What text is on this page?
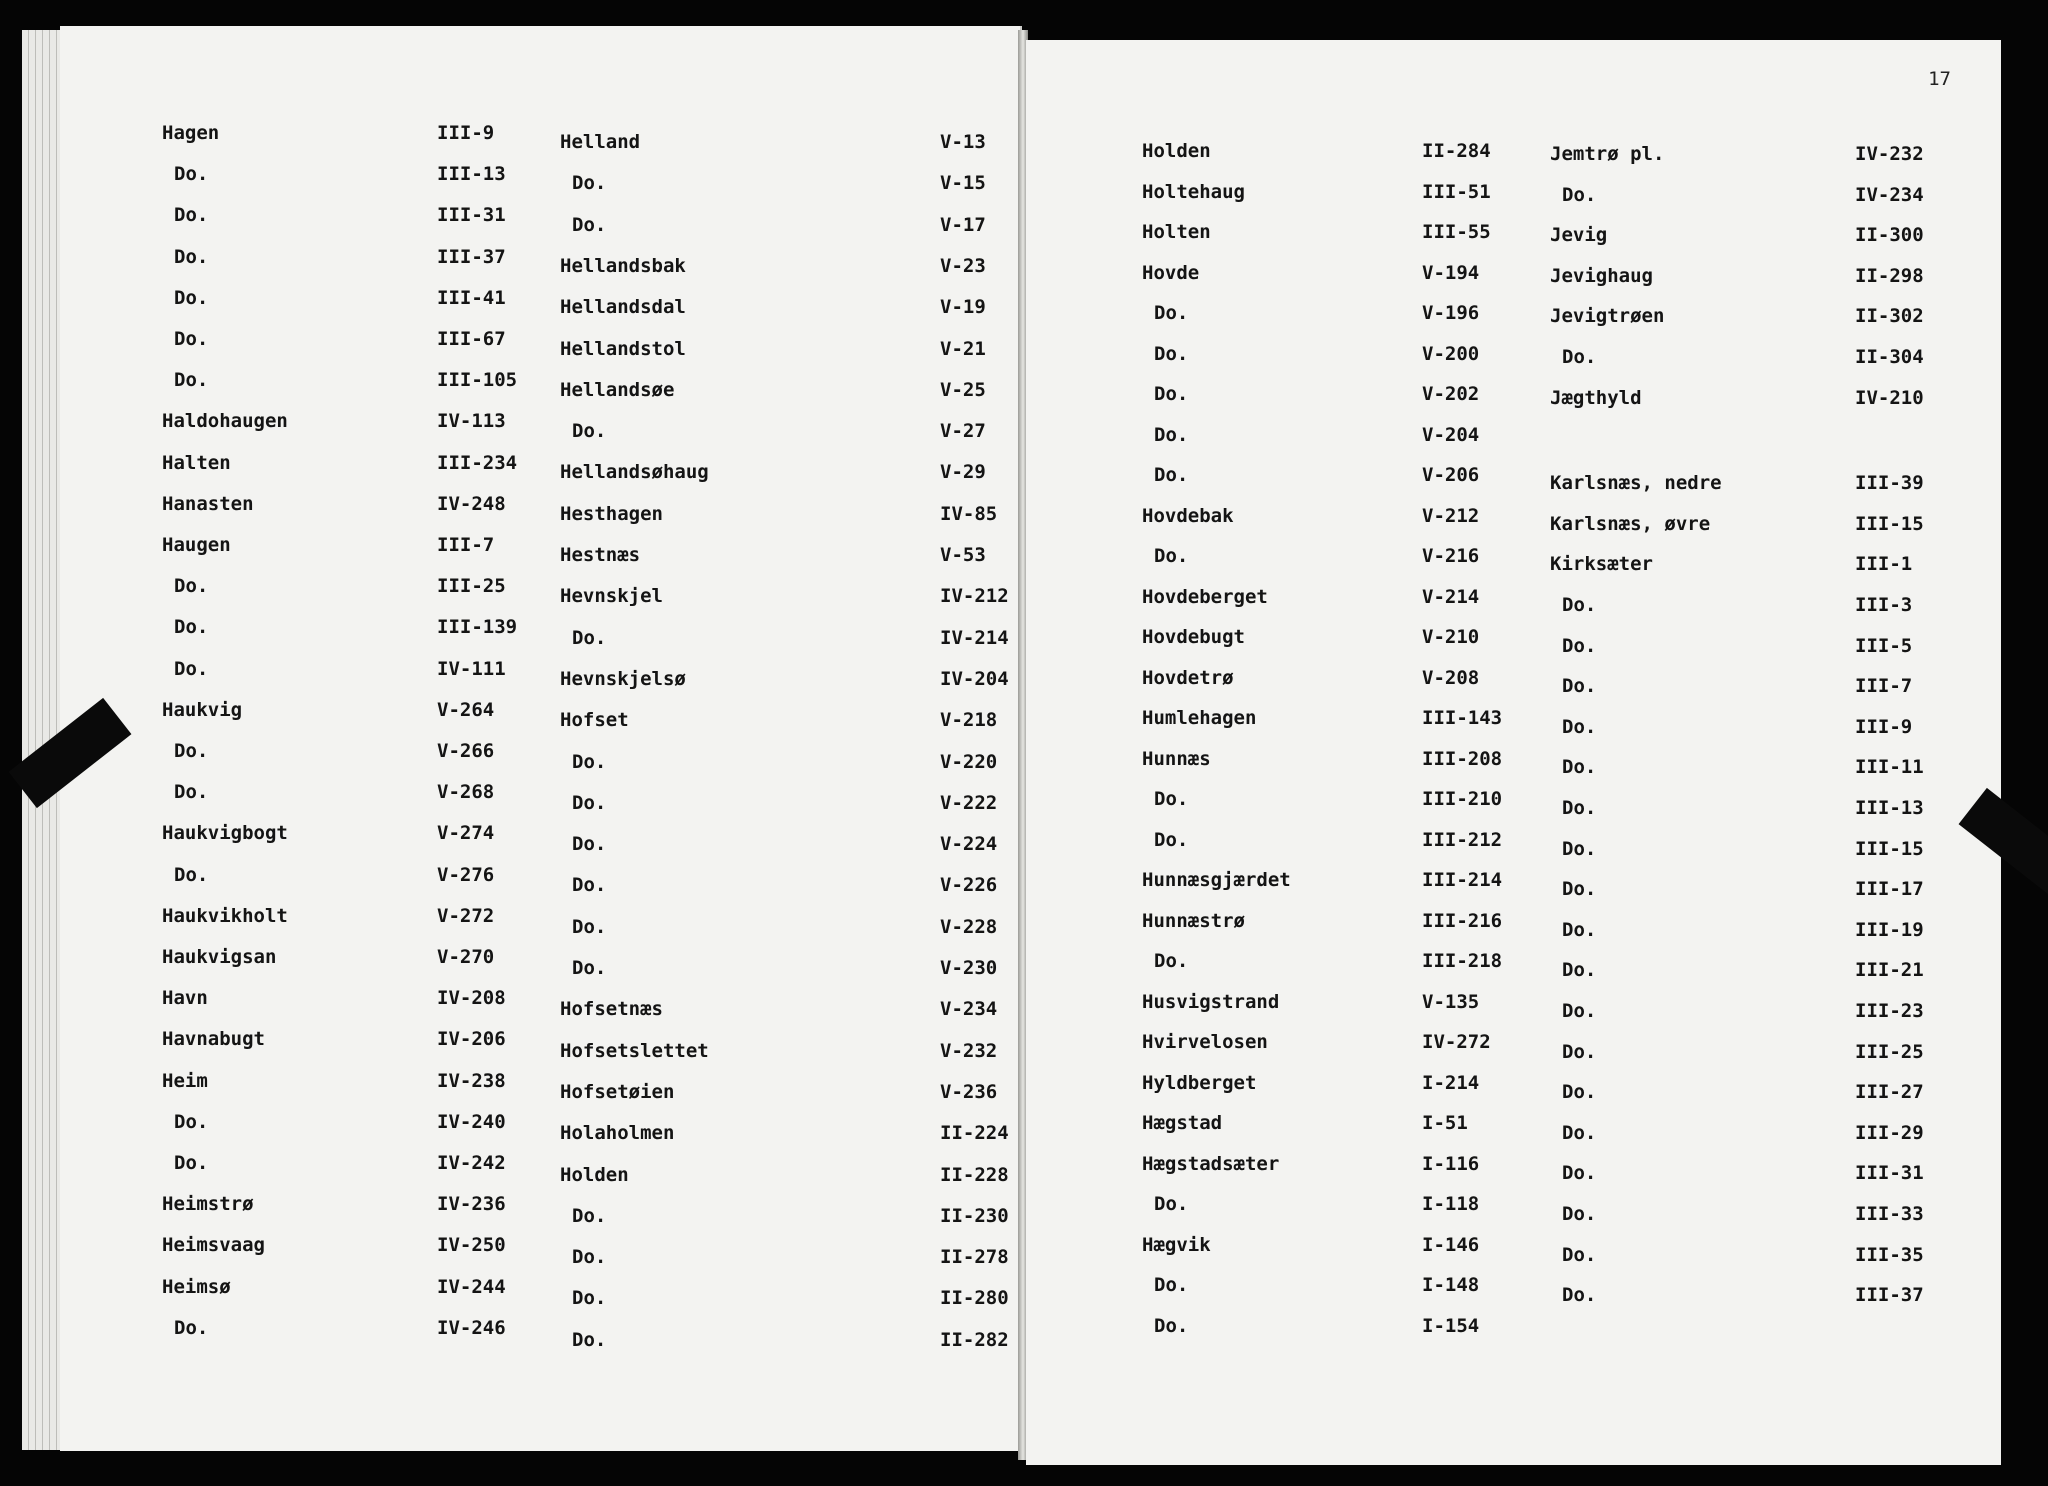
Hagen	III-9
Do.	III-13
Do.	III-31
Do.	III-37
Do.	III-41
Do.	III-67
Do.	III-105
Haldohaugen	IV-113
Halten	III-234
Hanasten	IV-248
Haugen	III-7
Do.	III-25
Do.	III-139
Do.	IV-111
Haukvig	V-264
Do.	V-266
Do.	V-268
Haukvigbogt	V-274
Do.	V-276
Haukvikholt	V-272
Haukvigsan	V-270
Havn	IV-208
Havnabugt	IV-206
Heim	IV-238
Do.	IV-240
Do.	IV-242
Heimstrø	IV-236
Heimsvaag	IV-250
Heimsø	IV-244
Do.	IV-246
Helland	V-13
Do.	V-15
Do.	V-17
Hellandsbak	V-23
Hellandsdal	V-19
Hellandstol	V-21
Hellandsøe	V-25
Do.	V-27
Hellandsøhaug	V-29
Hesthagen	IV-85
Hestnæs	V-53
Hevnskjel	IV-212
Do.	IV-214
Hevnskjelsø	IV-204
Hofset	V-218
Do.	V-220
Do.	V-222
Do.	V-224
Do.	V-226
Do.	V-228
Do.	V-230
Hofsetnæs	V-234
Hofsetslettet	V-232
Hofsetøien	V-236
Holaholmen	II-224
Holden	II-228
Do.	II-230
Do.	II-278
Do.	II-280
Do.	II-282
17
Holden	II-284
Holtehaug	III-51
Holten	III-55
Hovde	V-194
Do.	V-196
Do.	V-200
Do.	V-202
Do.	V-204
Do.	V-206
Hovdebak	V-212
Do.	V-216
Hovdeberget	V-214
Hovdebugt	V-210
Hovdetrø	V-208
Humlehagen	III-143
Hunnæs	III-208
Do.	III-210
Do.	III-212
Hunnæsgjærdet	III-214
Hunnæstrø	III-216
Do.	III-218
Husvigstrand	V-135
Hvirvelosen	IV-272
Hyldberget	I-214
Hægstad	I-51
Hægstadsæter	I-116
Do.	I-118
Hægvik	I-146
Do.	I-148
Do.	I-154
Jemtrø pl.	IV-232
Do.	IV-234
Jevig	II-300
Jevighaug	II-298
Jevigtrøen	II-302
Do.	II-304
Jægthyld	IV-210
Karlsnæs, nedre	III-39
Karlsnæs, øvre	III-15
Kirksæter	III-1
Do.	III-3
Do.	III-5
Do.	III-7
Do.	III-9
Do.	III-11
Do.	III-13
Do.	III-15
Do.	III-17
Do.	III-19
Do.	III-21
Do.	III-23
Do.	III-25
Do.	III-27
Do.	III-29
Do.	III-31
Do.	III-33
Do.	III-35
Do.	III-37
